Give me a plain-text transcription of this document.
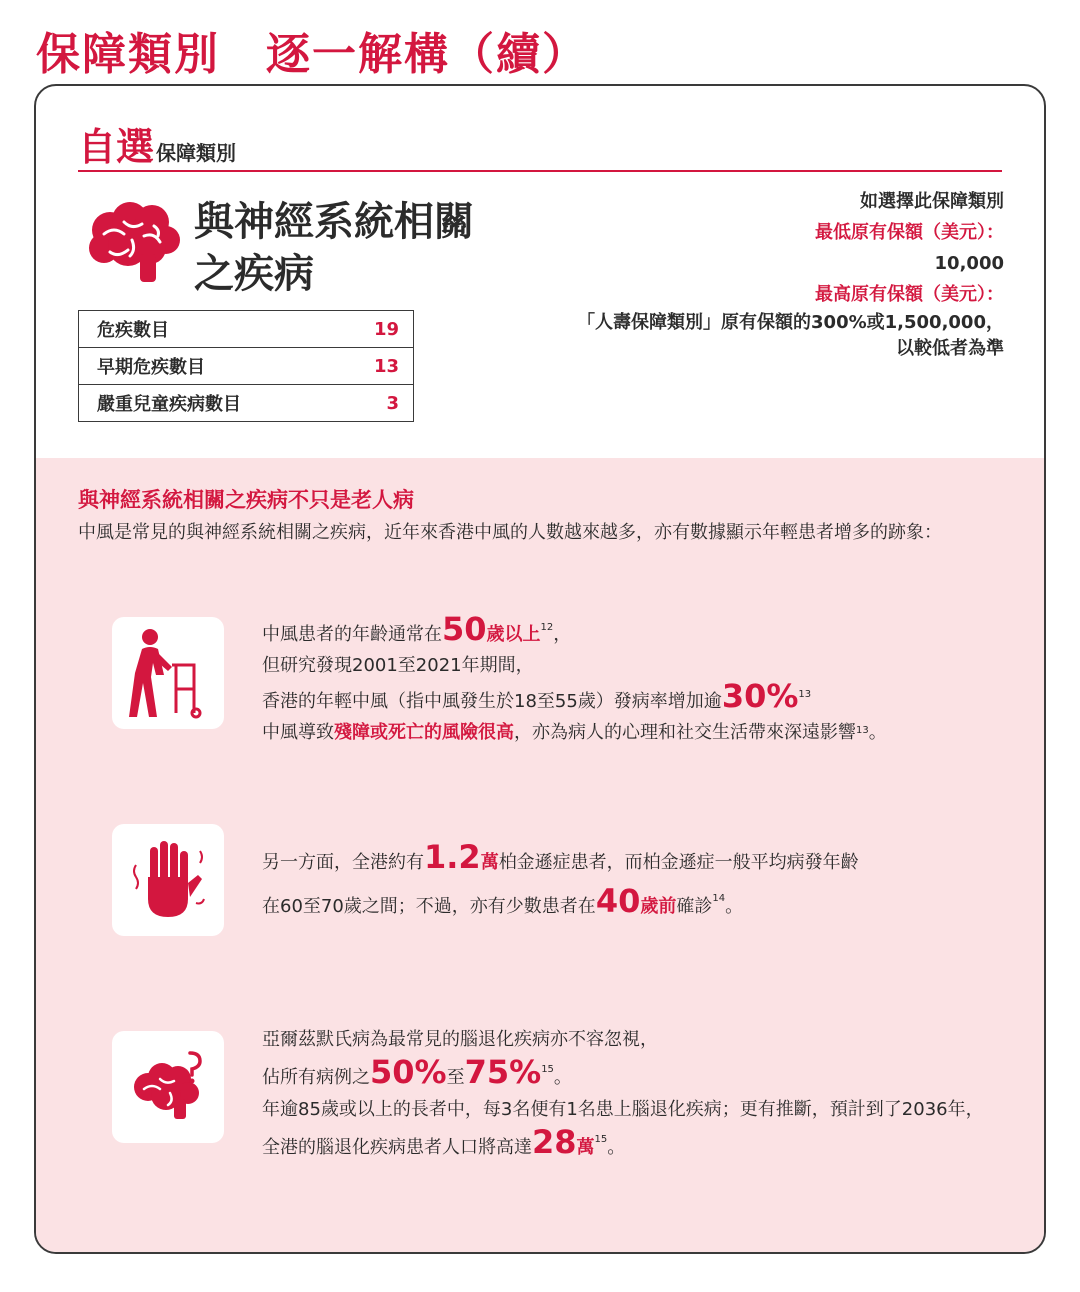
保障類別 逐一解構（續）
自選 保障類別
與神經系統相關
之疾病
危疾數目	19
早期危疾數目	13
嚴重兒童疾病數目	3
如選擇此保障類別
最低原有保額（美元）：
10,000
最高原有保額（美元）：
「人壽保障類別」原有保額的300%或1,500,000，
以較低者為準
與神經系統相關之疾病不只是老人病
中風是常見的與神經系統相關之疾病，近年來香港中風的人數越來越多，亦有數據顯示年輕患者增多的跡象：
中風患者的年齡通常在50歲以上$^{12}$，
但研究發現2001至2021年期間，
香港的年輕中風（指中風發生於18至55歲）發病率增加逾30%$^{13}$
中風導致殘障或死亡的風險很高，亦為病人的心理和社交生活帶來深遠影響$^{13}$。
另一方面，全港約有1.2萬柏金遜症患者，而柏金遜症一般平均病發年齡
在60至70歲之間；不過，亦有少數患者在40歲前確診$^{14}$。
亞爾茲默氏病為最常見的腦退化疾病亦不容忽視，
佔所有病例之50%至75%$^{15}$。
年逾85歲或以上的長者中，每3名便有1名患上腦退化疾病；更有推斷，預計到了2036年，
全港的腦退化疾病患者人口將高達28萬$^{15}$。
